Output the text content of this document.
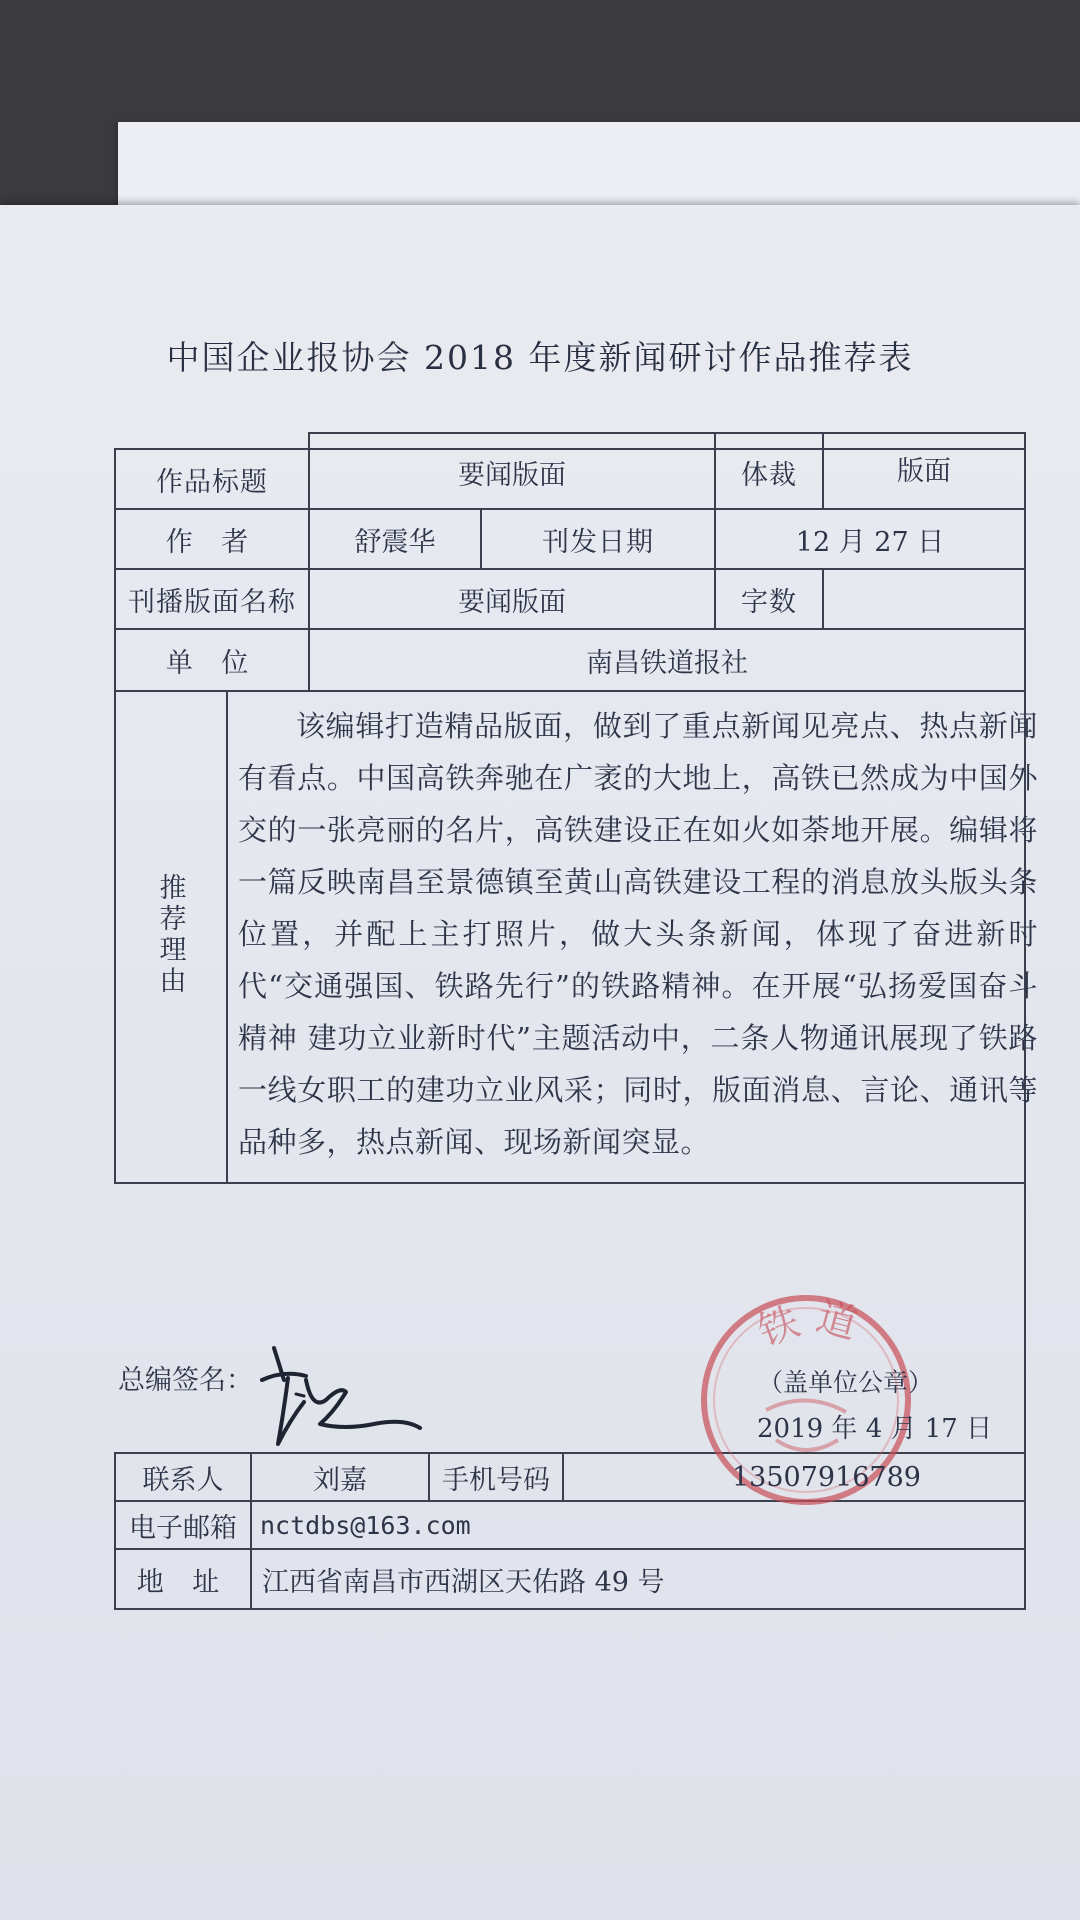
中国企业报协会 2018 年度新闻研讨作品推荐表
作品标题	要闻版面	体裁	版面
作 者	舒震华	刊发日期	12 月 27 日
刊播版面名称	要闻版面	字数
单 位	南昌铁道报社
推荐理由
该编辑打造精品版面，做到了重点新闻见亮点、热点新闻有看点。中国高铁奔驰在广袤的大地上，高铁已然成为中国外交的一张亮丽的名片，高铁建设正在如火如荼地开展。编辑将一篇反映南昌至景德镇至黄山高铁建设工程的消息放头版头条位置，并配上主打照片，做大头条新闻，体现了奋进新时代“交通强国、铁路先行”的铁路精神。在开展“弘扬爱国奋斗精神 建功立业新时代”主题活动中，二条人物通讯展现了铁路一线女职工的建功立业风采；同时，版面消息、言论、通讯等品种多，热点新闻、现场新闻突显。
总编签名：
铁 道
（盖单位公章）
2019 年 4 月 17 日
联系人	刘嘉	手机号码	13507916789
电子邮箱 nctdbs@163.com
地 址	江西省南昌市西湖区天佑路 49 号
